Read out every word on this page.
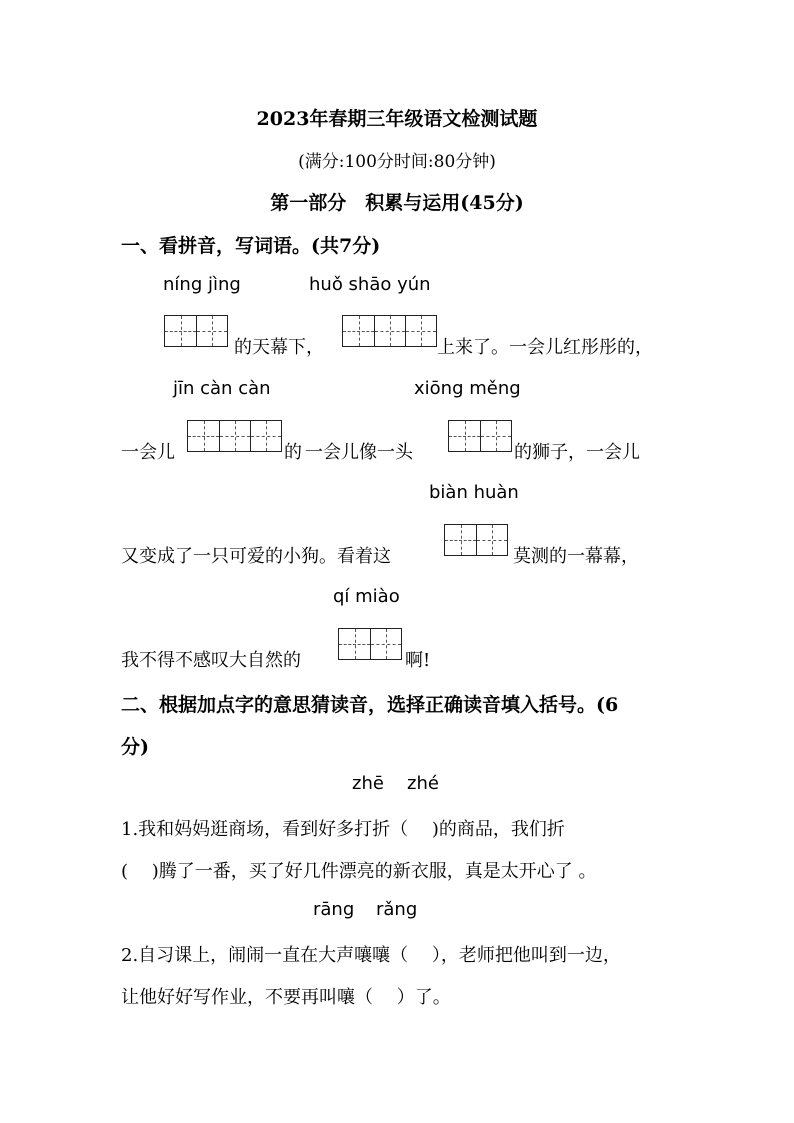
2023年春期三年级语文检测试题
(满分:100分时间:80分钟)
第一部分　积累与运用(45分)
一、看拼音，写词语。(共7分)
níng jìng	huǒ shāo yún
的天幕下，	上来了。一会儿红彤彤的，
jīn càn càn	xiōng měng
一会儿	的 一会儿像一头	的狮子，一会儿
biàn huàn
又变成了一只可爱的小狗。看着这	莫测的一幕幕，
qí miào
我不得不感叹大自然的	啊!
二、根据加点字的意思猜读音，选择正确读音填入括号。(6
分)
zhē zhé
1.我和妈妈逛商场，看到好多打折（　 )的商品，我们折
(　 )腾了一番，买了好几件漂亮的新衣服，真是太开心了 。
rāng rǎng
2.自习课上，闹闹一直在大声嚷嚷（　 ），老师把他叫到一边，
让他好好写作业，不要再叫嚷（　 ）了。
